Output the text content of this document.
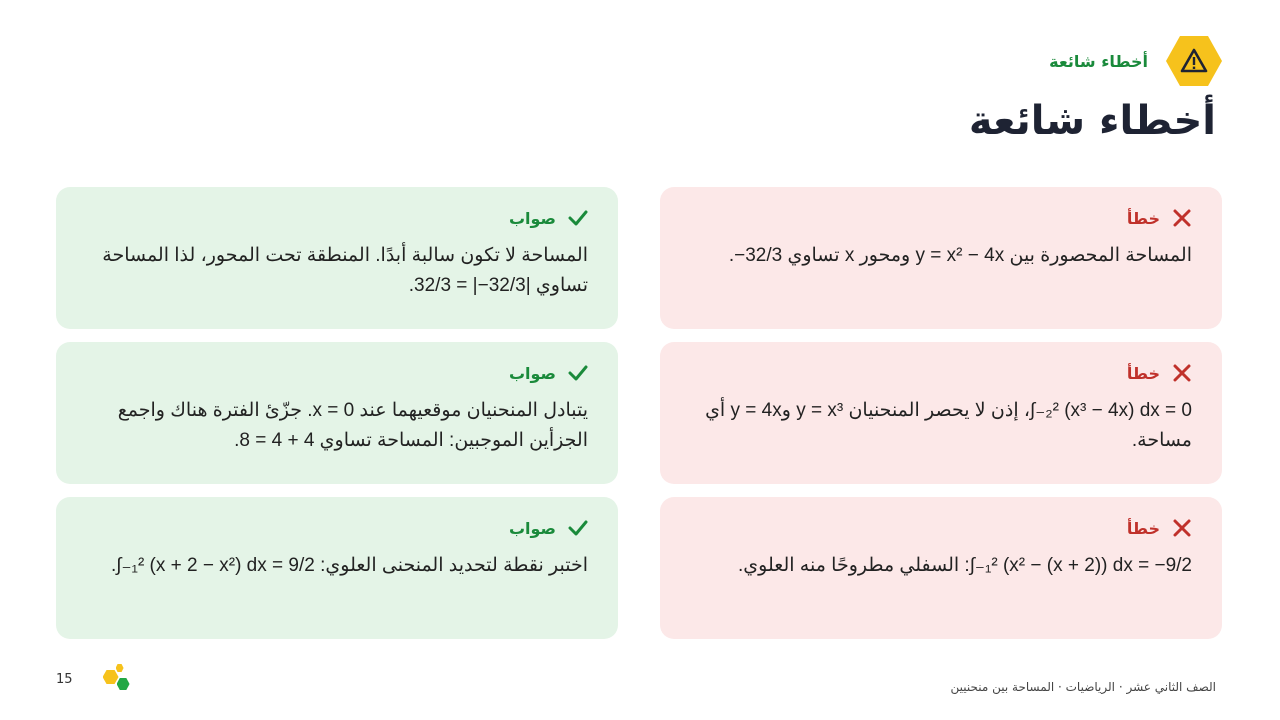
أخطاء شائعة
أخطاء شائعة
خطأ

المساحة المحصورة بين y = x² − 4x ومحور x تساوي ‎−32/3‎.

صواب

المساحة لا تكون سالبة أبدًا. المنطقة تحت المحور، لذا المساحة تساوي ‎32/3 = |−32/3|‎.

خطأ

‎∫₋₂² (x³ − 4x) dx = 0‎، إذن لا يحصر المنحنيان ‎y = x³‎ و‎y = 4x‎ أي مساحة.

صواب

يتبادل المنحنيان موقعيهما عند ‎x = 0‎. جزّئ الفترة هناك واجمع الجزأين الموجبين: المساحة تساوي ‎8 = 4 + 4‎.

خطأ

‎∫₋₁² (x² − (x + 2)) dx = −9/2‎: السفلي مطروحًا منه العلوي.

صواب

اختبر نقطة لتحديد المنحنى العلوي: ‎∫₋₁² (x + 2 − x²) dx = 9/2‎.

15
الصف الثاني عشر · الرياضيات · المساحة بين منحنيين
